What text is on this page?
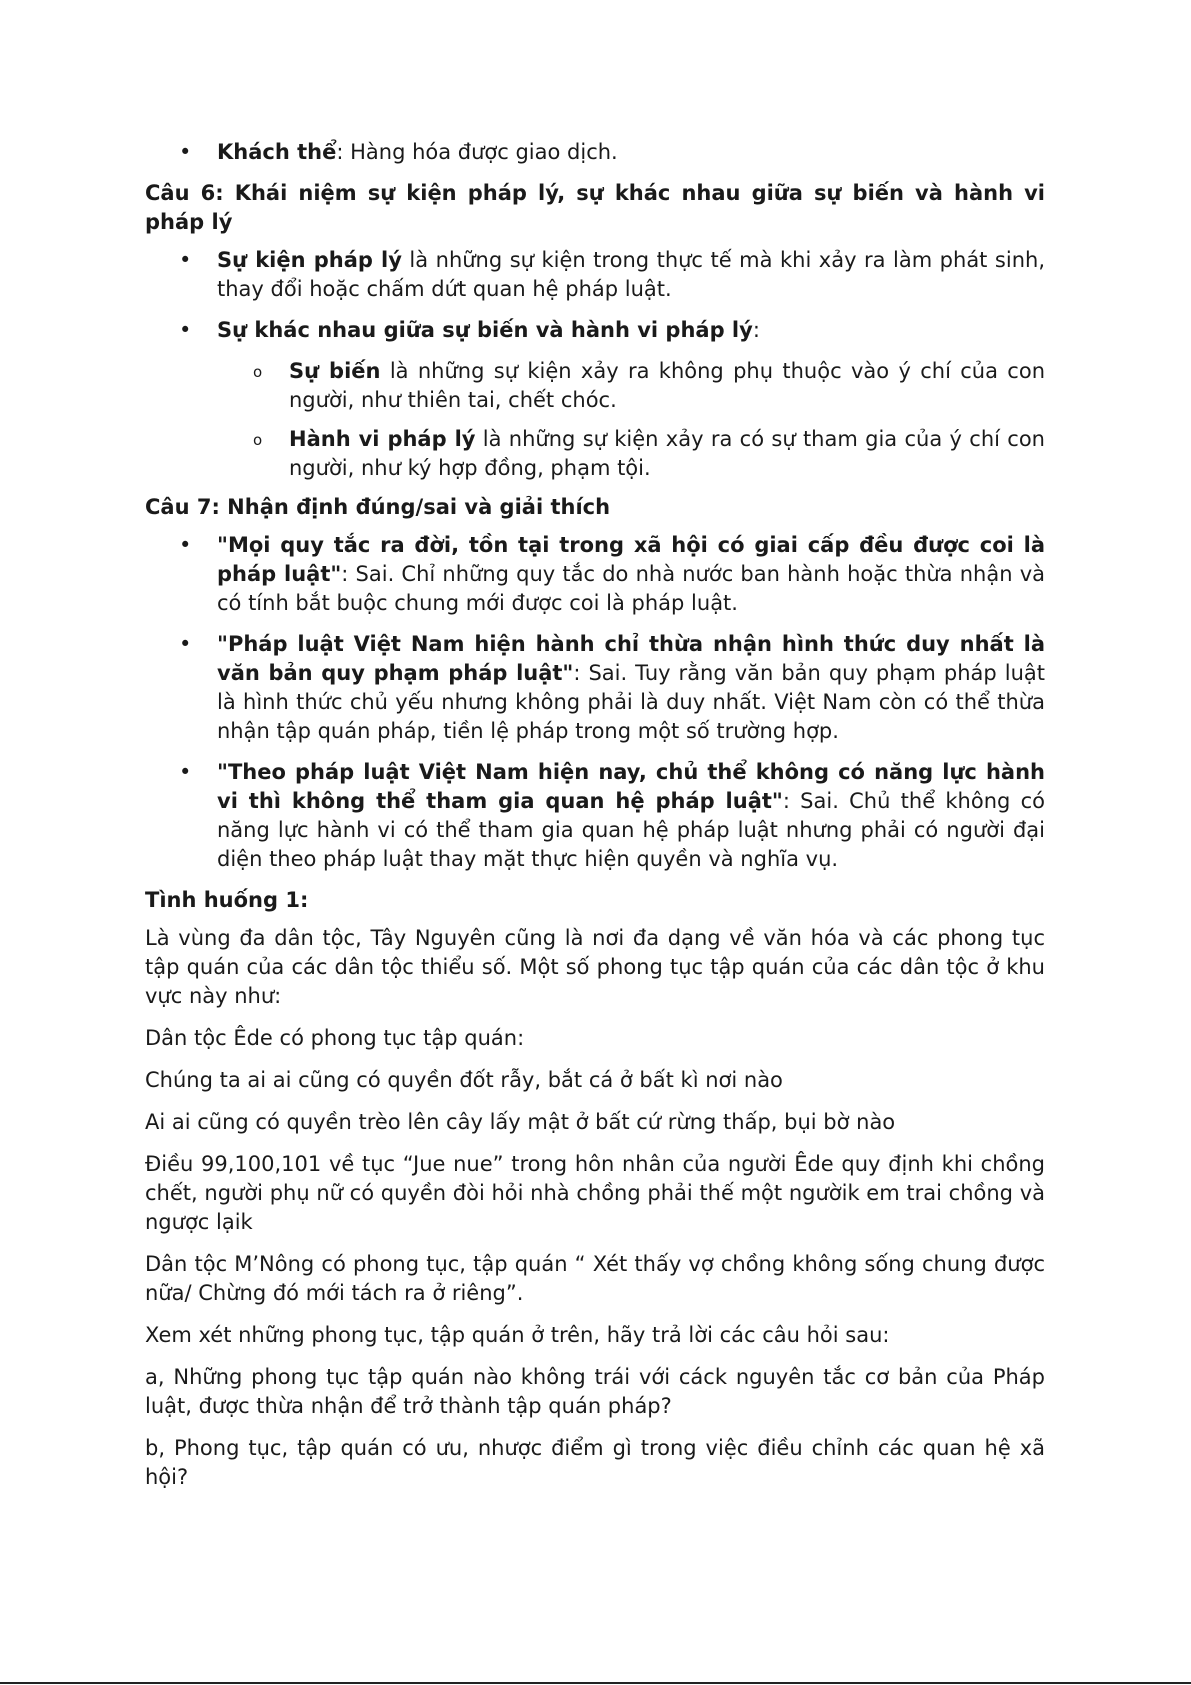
• Khách thể: Hàng hóa được giao dịch.

Câu 6: Khái niệm sự kiện pháp lý, sự khác nhau giữa sự biến và hành vi pháp lý

• Sự kiện pháp lý là những sự kiện trong thực tế mà khi xảy ra làm phát sinh, thay đổi hoặc chấm dứt quan hệ pháp luật.
• Sự khác nhau giữa sự biến và hành vi pháp lý:
o Sự biến là những sự kiện xảy ra không phụ thuộc vào ý chí của con người, như thiên tai, chết chóc.
o Hành vi pháp lý là những sự kiện xảy ra có sự tham gia của ý chí con người, như ký hợp đồng, phạm tội.

Câu 7: Nhận định đúng/sai và giải thích

• "Mọi quy tắc ra đời, tồn tại trong xã hội có giai cấp đều được coi là pháp luật": Sai. Chỉ những quy tắc do nhà nước ban hành hoặc thừa nhận và có tính bắt buộc chung mới được coi là pháp luật.
• "Pháp luật Việt Nam hiện hành chỉ thừa nhận hình thức duy nhất là văn bản quy phạm pháp luật": Sai. Tuy rằng văn bản quy phạm pháp luật là hình thức chủ yếu nhưng không phải là duy nhất. Việt Nam còn có thể thừa nhận tập quán pháp, tiền lệ pháp trong một số trường hợp.
• "Theo pháp luật Việt Nam hiện nay, chủ thể không có năng lực hành vi thì không thể tham gia quan hệ pháp luật": Sai. Chủ thể không có năng lực hành vi có thể tham gia quan hệ pháp luật nhưng phải có người đại diện theo pháp luật thay mặt thực hiện quyền và nghĩa vụ.

Tình huống 1:

Là vùng đa dân tộc, Tây Nguyên cũng là nơi đa dạng về văn hóa và các phong tục tập quán của các dân tộc thiểu số. Một số phong tục tập quán của các dân tộc ở khu vực này như:

Dân tộc Êde có phong tục tập quán:

Chúng ta ai ai cũng có quyền đốt rẫy, bắt cá ở bất kì nơi nào

Ai ai cũng có quyền trèo lên cây lấy mật ở bất cứ rừng thấp, bụi bờ nào

Điều 99,100,101 về tục “Jue nue” trong hôn nhân của người Êde quy định khi chồng chết, người phụ nữ có quyền đòi hỏi nhà chồng phải thế một ngườik em trai chồng và ngược lạik

Dân tộc M’Nông có phong tục, tập quán “ Xét thấy vợ chồng không sống chung được nữa/ Chừng đó mới tách ra ở riêng”.

Xem xét những phong tục, tập quán ở trên, hãy trả lời các câu hỏi sau:

a, Những phong tục tập quán nào không trái với cáck nguyên tắc cơ bản của Pháp luật, được thừa nhận để trở thành tập quán pháp?

b, Phong tục, tập quán có ưu, nhược điểm gì trong việc điều chỉnh các quan hệ xã hội?
